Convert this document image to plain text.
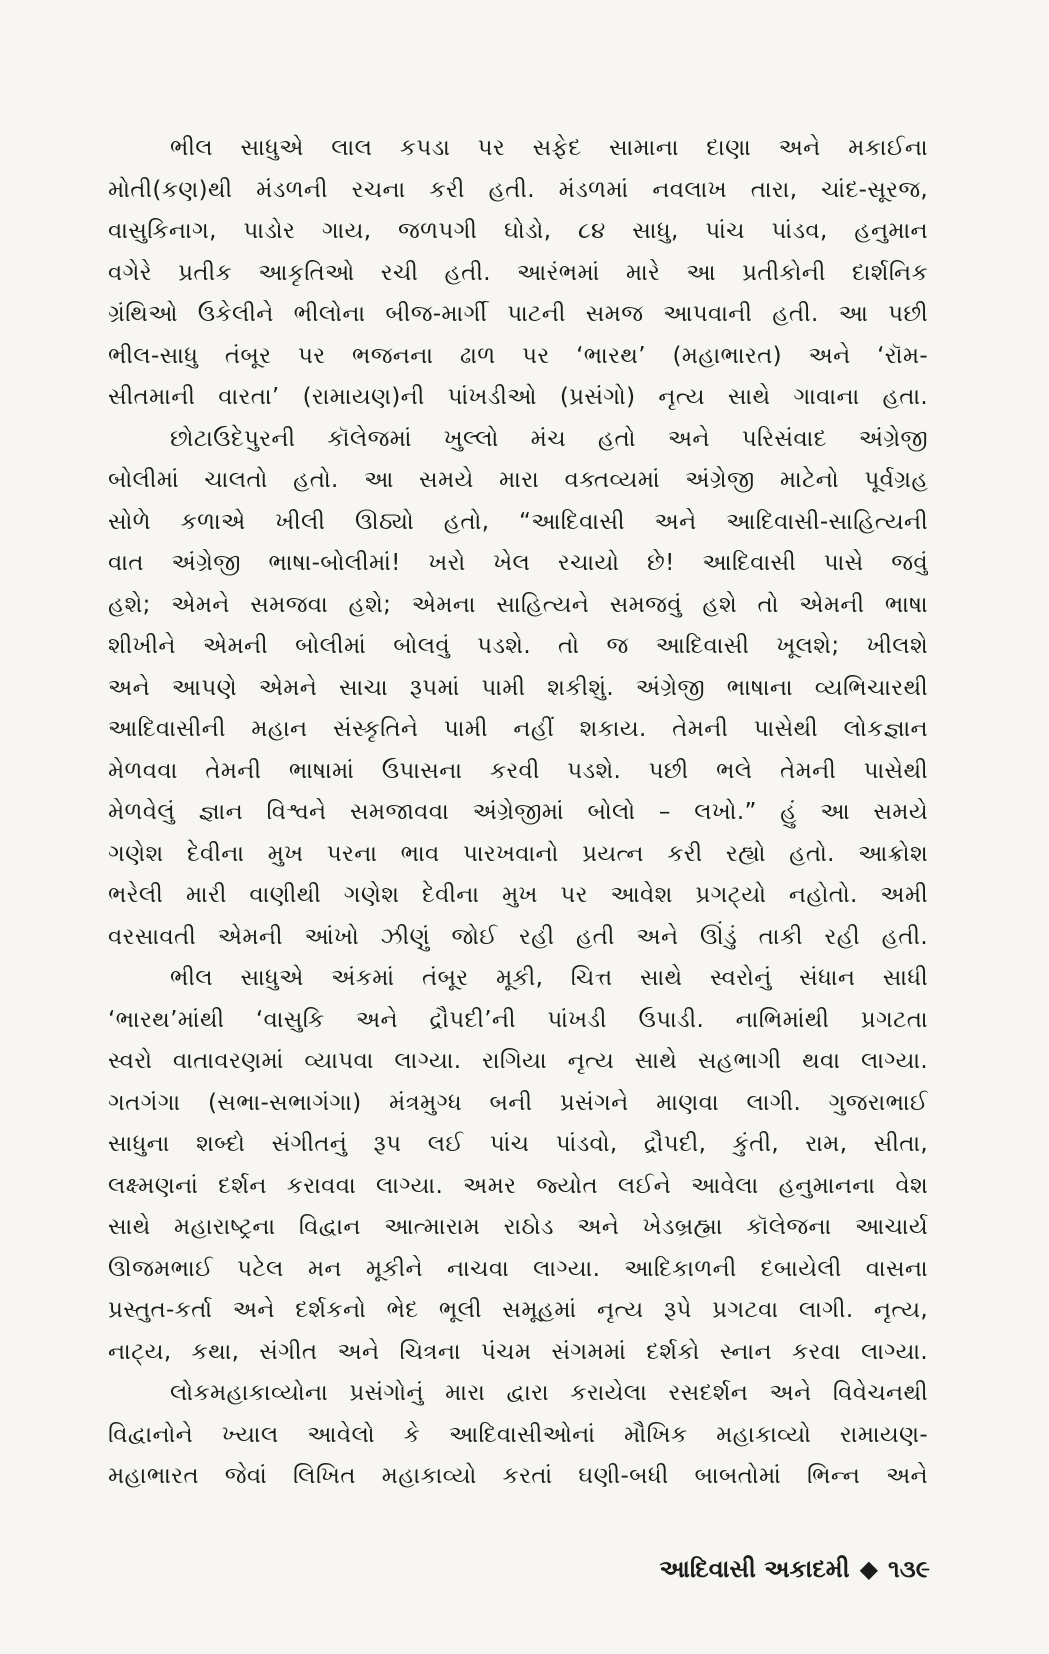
ભીલ સાધુએ લાલ કપડા પર સફેદ સામાના દાણા અને મકાઈના
મોતી(કણ)થી મંડળની રચના કરી હતી. મંડળમાં નવલાખ તારા, ચાંદ-સૂરજ,
વાસુકિનાગ, પાડોર ગાય, જળપગી ઘોડો, ૮૪ સાધુ, પાંચ પાંડવ, હનુમાન
વગેરે પ્રતીક આકૃતિઓ રચી હતી. આરંભમાં મારે આ પ્રતીકોની દાર્શનિક
ગ્રંથિઓ ઉકેલીને ભીલોના બીજ-માર્ગી પાટની સમજ આપવાની હતી. આ પછી
ભીલ-સાધુ તંબૂર પર ભજનના ઢાળ પર ‘ભારથ’ (મહાભારત) અને ‘રૉમ-
સીતમાની વારતા’ (રામાયણ)ની પાંખડીઓ (પ્રસંગો) નૃત્ય સાથે ગાવાના હતા.
છોટાઉદેપુરની કૉલેજમાં ખુલ્લો મંચ હતો અને પરિસંવાદ અંગ્રેજી
બોલીમાં ચાલતો હતો. આ સમયે મારા વક્તવ્યમાં અંગ્રેજી માટેનો પૂર્વગ્રહ
સોળે કળાએ ખીલી ઊઠ્યો હતો, “આદિવાસી અને આદિવાસી-સાહિત્યની
વાત અંગ્રેજી ભાષા-બોલીમાં! ખરો ખેલ રચાયો છે! આદિવાસી પાસે જવું
હશે; એમને સમજવા હશે; એમના સાહિત્યને સમજવું હશે તો એમની ભાષા
શીખીને એમની બોલીમાં બોલવું પડશે. તો જ આદિવાસી ખૂલશે; ખીલશે
અને આપણે એમને સાચા રૂપમાં પામી શકીશું. અંગ્રેજી ભાષાના વ્યભિચારથી
આદિવાસીની મહાન સંસ્કૃતિને પામી નહીં શકાય. તેમની પાસેથી લોકજ્ઞાન
મેળવવા તેમની ભાષામાં ઉપાસના કરવી પડશે. પછી ભલે તેમની પાસેથી
મેળવેલું જ્ઞાન વિશ્વને સમજાવવા અંગ્રેજીમાં બોલો – લખો.” હું આ સમયે
ગણેશ દેવીના મુખ પરના ભાવ પારખવાનો પ્રયત્ન કરી રહ્યો હતો. આક્રોશ
ભરેલી મારી વાણીથી ગણેશ દેવીના મુખ પર આવેશ પ્રગટ્યો નહોતો. અમી
વરસાવતી એમની આંખો ઝીણું જોઈ રહી હતી અને ઊંડું તાકી રહી હતી.
ભીલ સાધુએ અંકમાં તંબૂર મૂકી, ચિત્ત સાથે સ્વરોનું સંધાન સાધી
‘ભારથ’માંથી ‘વાસુકિ અને દ્રૌપદી’ની પાંખડી ઉપાડી. નાભિમાંથી પ્રગટતા
સ્વરો વાતાવરણમાં વ્યાપવા લાગ્યા. રાગિયા નૃત્ય સાથે સહભાગી થવા લાગ્યા.
ગતગંગા (સભા-સભાગંગા) મંત્રમુગ્ધ બની પ્રસંગને માણવા લાગી. ગુજરાભાઈ
સાધુના શબ્દો સંગીતનું રૂપ લઈ પાંચ પાંડવો, દ્રૌપદી, કુંતી, રામ, સીતા,
લક્ષ્મણનાં દર્શન કરાવવા લાગ્યા. અમર જ્યોત લઈને આવેલા હનુમાનના વેશ
સાથે મહારાષ્ટ્રના વિદ્વાન આત્મારામ રાઠોડ અને ખેડબ્રહ્મા કૉલેજના આચાર્ય
ઊજમભાઈ પટેલ મન મૂકીને નાચવા લાગ્યા. આદિકાળની દબાયેલી વાસના
પ્રસ્તુત-કર્તા અને દર્શકનો ભેદ ભૂલી સમૂહમાં નૃત્ય રૂપે પ્રગટવા લાગી. નૃત્ય,
નાટ્ય, કથા, સંગીત અને ચિત્રના પંચમ સંગમમાં દર્શકો સ્નાન કરવા લાગ્યા.
લોકમહાકાવ્યોના પ્રસંગોનું મારા દ્વારા કરાયેલા રસદર્શન અને વિવેચનથી
વિદ્વાનોને ખ્યાલ આવેલો કે આદિવાસીઓનાં મૌખિક મહાકાવ્યો રામાયણ-
મહાભારત જેવાં લિખિત મહાકાવ્યો કરતાં ઘણી-બધી બાબતોમાં ભિન્ન અને
આદિવાસી અકાદમી ◆ ૧૩૯
